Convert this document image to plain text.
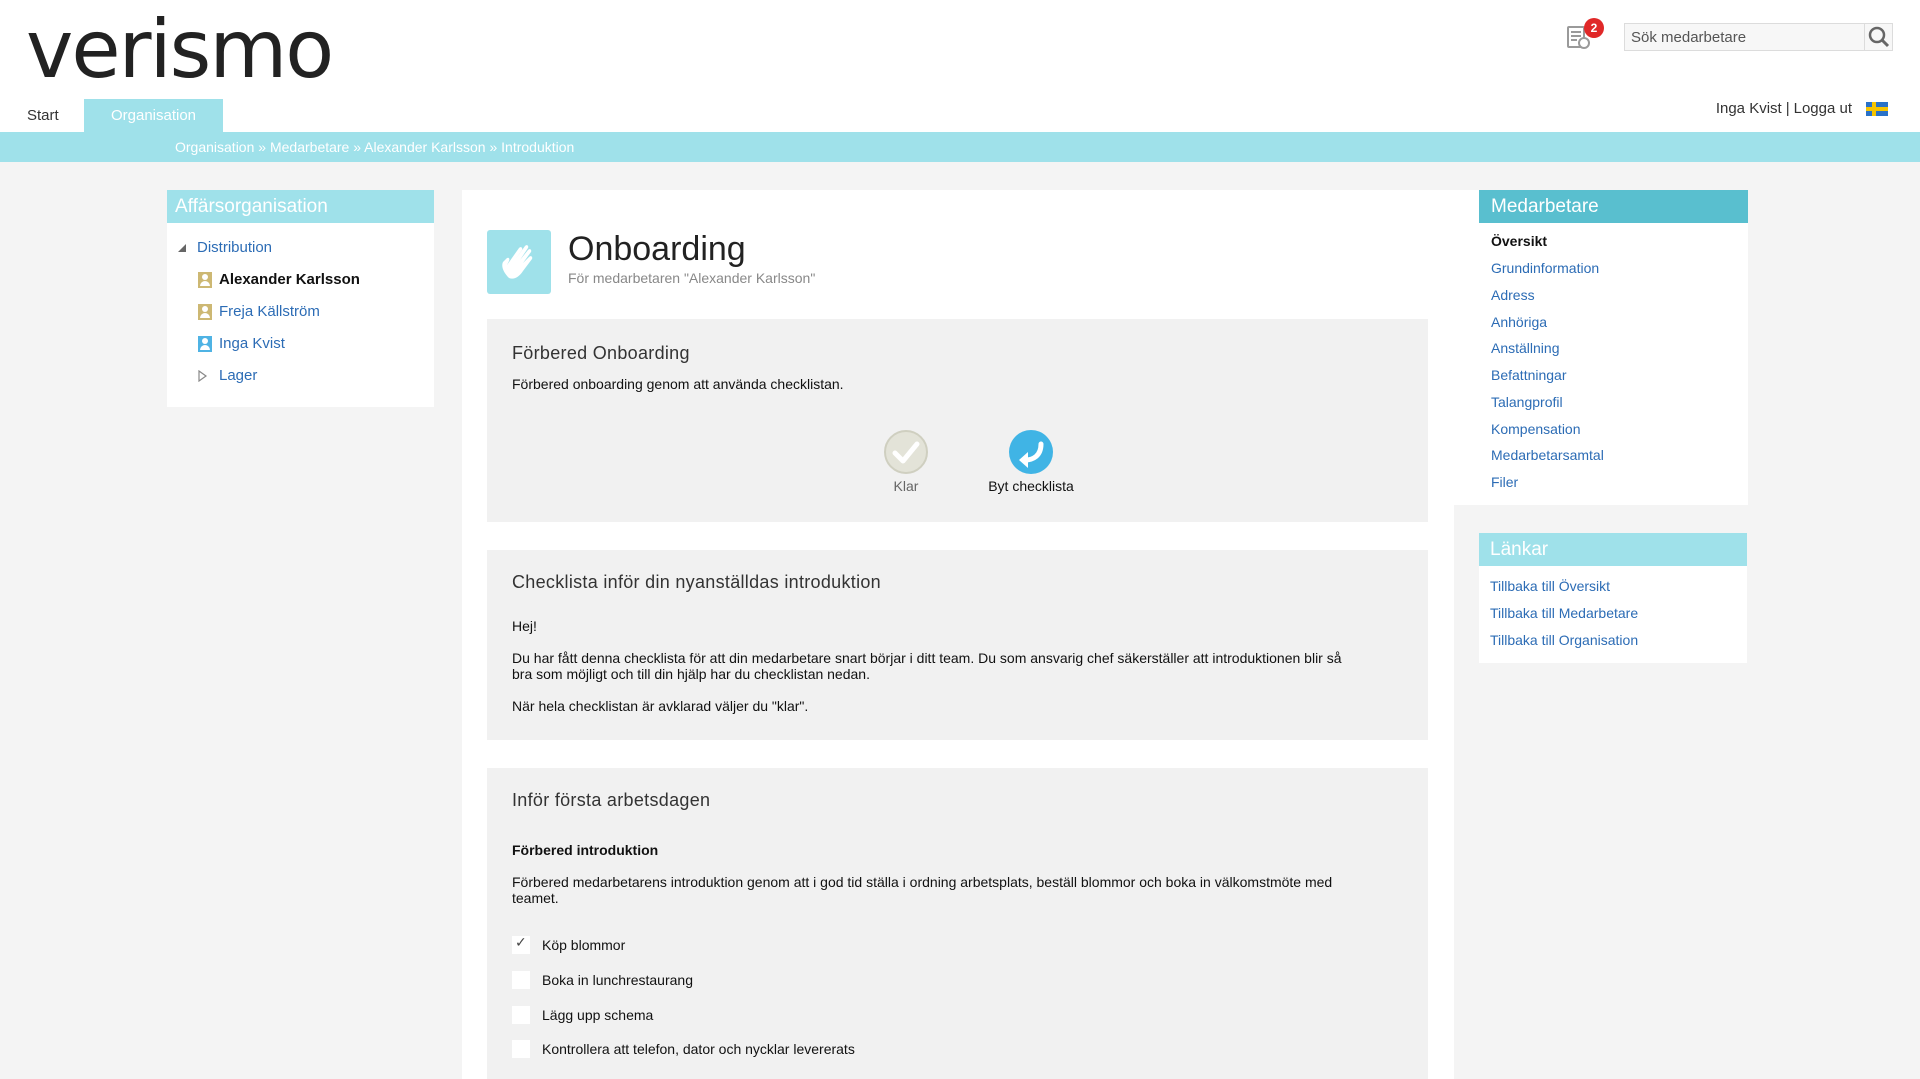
verismo	2
Sök medarbetare
Start	Organisation	Inga Kvist | Logga ut
Organisation » Medarbetare » Alexander Karlsson » Introduktion
Affärsorganisation
Distribution
Alexander Karlsson
Freja Källström
Inga Kvist
Lager
Onboarding
För medarbetaren "Alexander Karlsson"
Förbered Onboarding
Förbered onboarding genom att använda checklistan.
Klar	Byt checklista
Checklista inför din nyanställdas introduktion
Hej!
Du har fått denna checklista för att din medarbetare snart börjar i ditt team. Du som ansvarig chef säkerställer att introduktionen blir så
bra som möjligt och till din hjälp har du checklistan nedan.
När hela checklistan är avklarad väljer du "klar".
Inför första arbetsdagen
Förbered introduktion
Förbered medarbetarens introduktion genom att i god tid ställa i ordning arbetsplats, beställ blommor och boka in välkomstmöte med
teamet.
✓
Köp blommor
Boka in lunchrestaurang
Lägg upp schema
Kontrollera att telefon, dator och nycklar levererats
Medarbetare
Översikt
Grundinformation
Adress
Anhöriga
Anställning
Befattningar
Talangprofil
Kompensation
Medarbetarsamtal
Filer
Länkar
Tillbaka till Översikt
Tillbaka till Medarbetare
Tillbaka till Organisation
